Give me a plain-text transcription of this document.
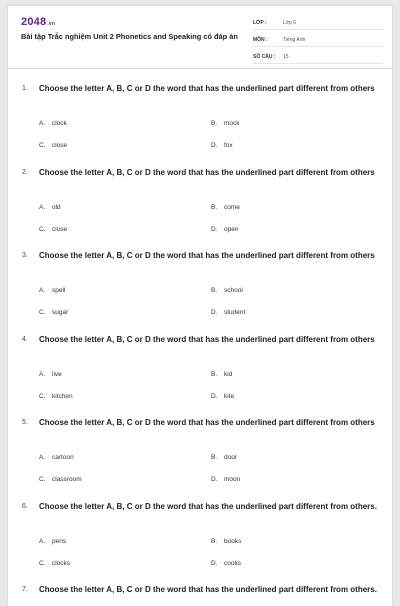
2048.vn
Bài tập Trắc nghiệm Unit 2 Phonetics and Speaking có đáp án
LỚP :	Lớp 6
MÔN :	Tiếng Anh
SỐ CÂU :	15
1. Choose the letter A, B, C or D the word that has the underlined part different from others
A.	clock	B.	mock
C.	close	D.	fox
2. Choose the letter A, B, C or D the word that has the underlined part different from others
A.	old	B.	come
C.	close	D.	open
3. Choose the letter A, B, C or D the word that has the underlined part different from others
A.	spell	B.	school
C.	sugar	D.	student
4. Choose the letter A, B, C or D the word that has the underlined part different from others
A.	live	B.	kid
C.	kitchen	D.	kite
5. Choose the letter A, B, C or D the word that has the underlined part different from others
A.	cartoon	B.	door
C.	classroom	D.	moon
6. Choose the letter A, B, C or D the word that has the underlined part different from others.
A.	pens	B.	books
C.	clocks	D.	cooks
7. Choose the letter A, B, C or D the word that has the underlined part different from others.
